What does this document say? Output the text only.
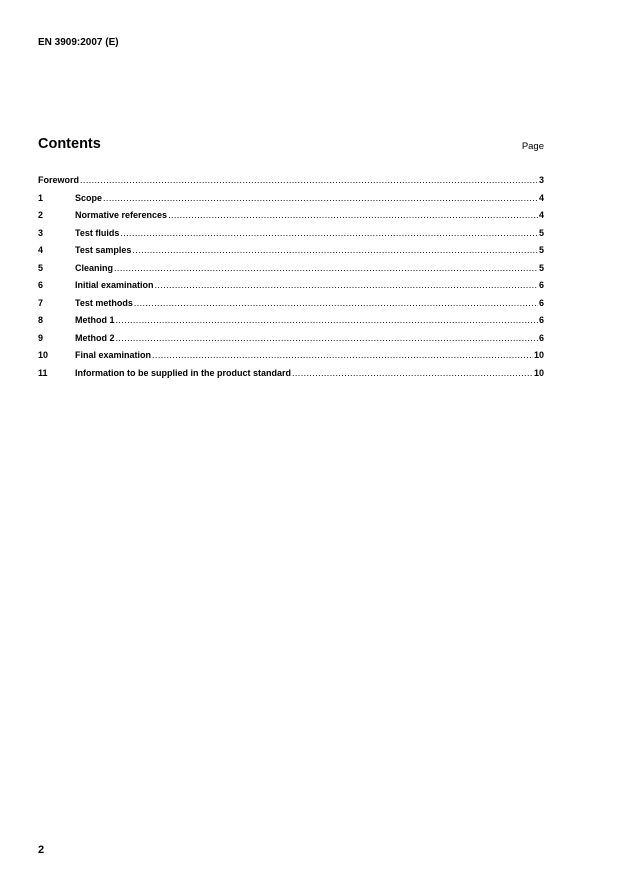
EN 3909:2007 (E)
Contents	Page
Foreword .....	3
1	Scope .....	4
2	Normative references .....	4
3	Test fluids .....	5
4	Test samples .....	5
5	Cleaning .....	5
6	Initial examination .....	6
7	Test methods .....	6
8	Method 1 .....	6
9	Method 2 .....	6
10	Final examination .....	10
11	Information to be supplied in the product standard .....	10
2
